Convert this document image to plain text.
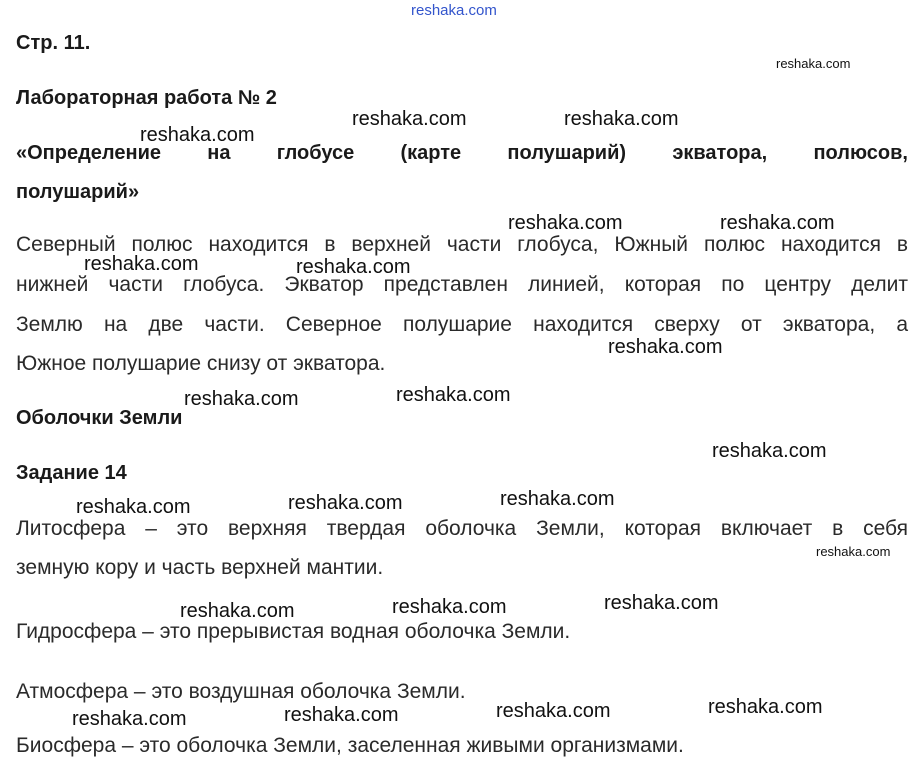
Стр. 11.
Лабораторная работа № 2
«Определение на глобусе (карте полушарий) экватора, полюсов,
полушарий»
Северный полюс находится в верхней части глобуса, Южный полюс находится в
нижней части глобуса. Экватор представлен линией, которая по центру делит
Землю на две части. Северное полушарие находится сверху от экватора, а
Южное полушарие снизу от экватора.
Оболочки Земли
Задание 14
Литосфера – это верхняя твердая оболочка Земли, которая включает в себя
земную кору и часть верхней мантии.
Гидросфера – это прерывистая водная оболочка Земли.
Атмосфера – это воздушная оболочка Земли.
Биосфера – это оболочка Земли, заселенная живыми организмами.
reshaka.com
reshaka.com
reshaka.com	reshaka.com
reshaka.com
reshaka.com	reshaka.com
reshaka.com	reshaka.com
reshaka.com
reshaka.com
reshaka.com
reshaka.com
reshaka.com
reshaka.com
reshaka.com
reshaka.com
reshaka.com
reshaka.com
reshaka.com
reshaka.com
reshaka.com
reshaka.com
reshaka.com
